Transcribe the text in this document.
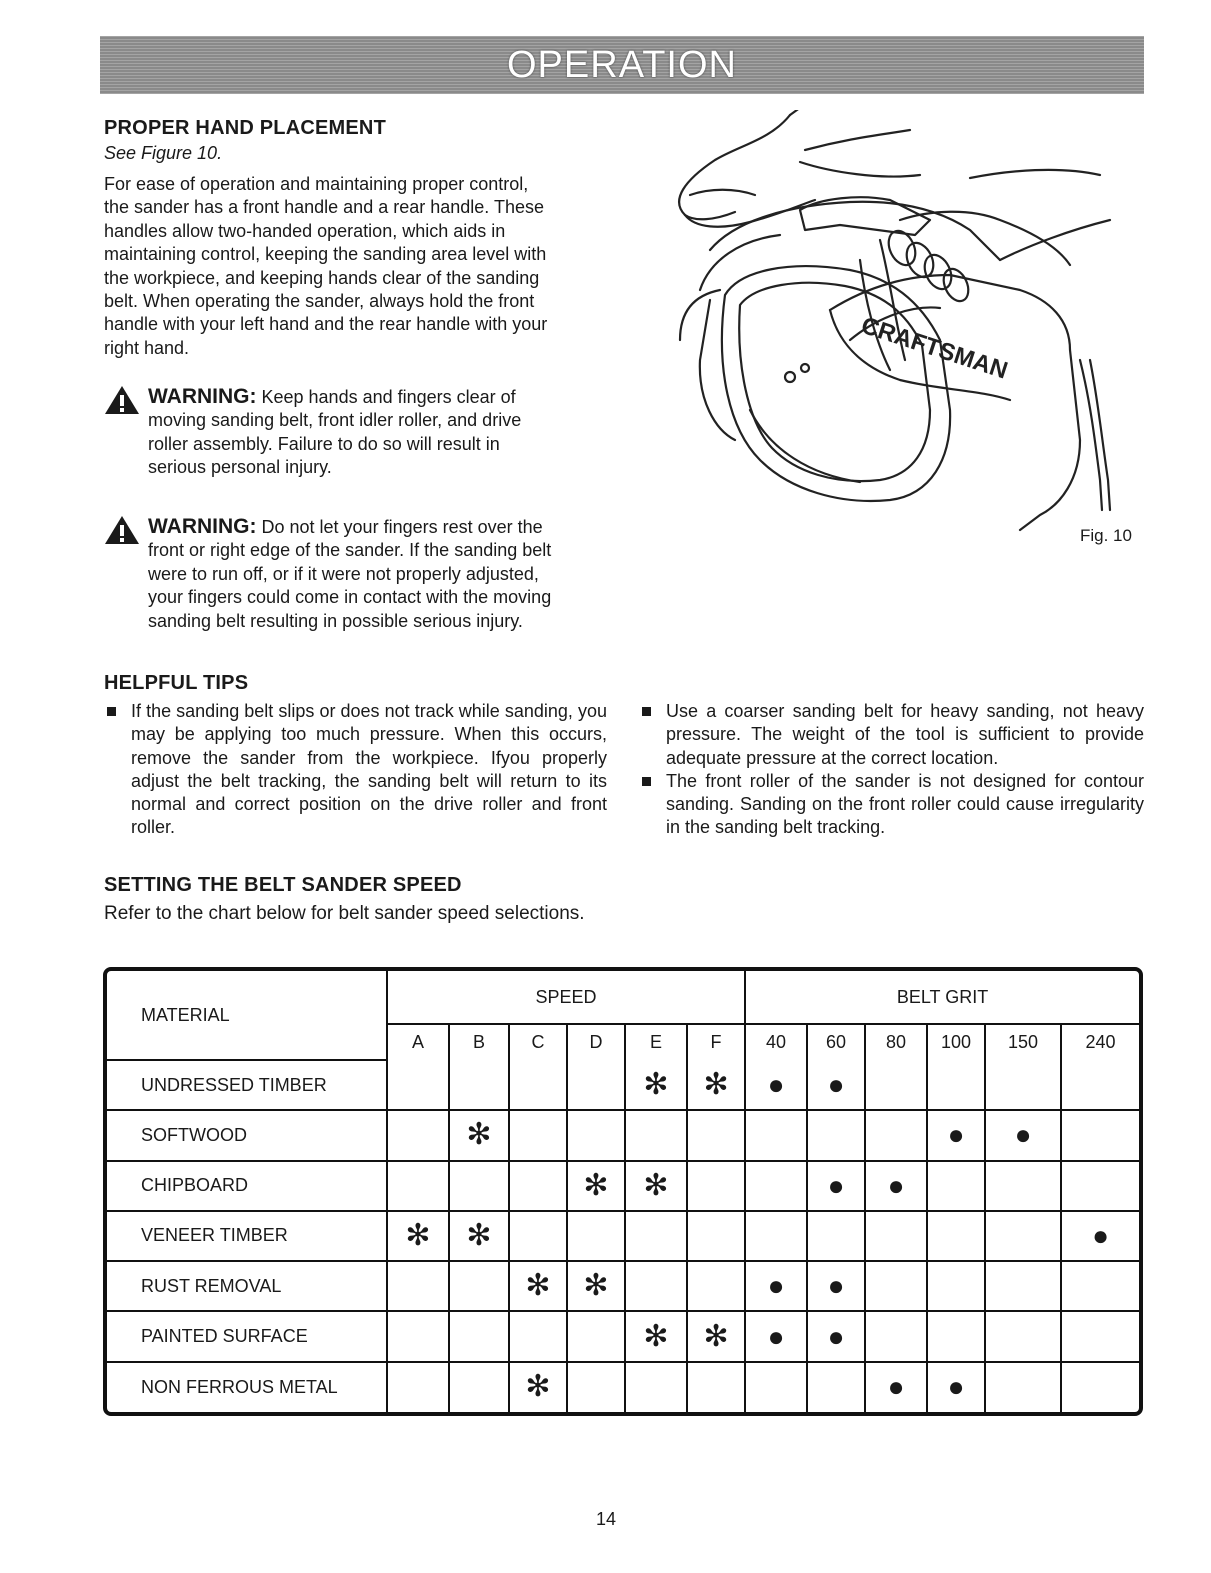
OPERATION
PROPER HAND PLACEMENT
See Figure 10.
For ease of operation and maintaining proper control,
the sander has a front handle and a rear handle. These
handles allow two-handed operation, which aids in
maintaining control, keeping the sanding area level with
the workpiece, and keeping hands clear of the sanding
belt. When operating the sander, always hold the front
handle with your left hand and the rear handle with your
right hand.
WARNING: Keep hands and fingers clear of
moving sanding belt, front idler roller, and drive
roller assembly. Failure to do so will result in
serious personal injury.
WARNING: Do not let your fingers rest over the
front or right edge of the sander. If the sanding belt
were to run off, or if it were not properly adjusted,
your fingers could come in contact with the moving
sanding belt resulting in possible serious injury.
CRAFTSMAN
Fig. 10
HELPFUL TIPS
If the sanding belt slips or does not track while sanding, you may be applying too much pressure. When this occurs, remove the sander from the workpiece. Ifyou properly adjust the belt tracking, the sanding belt will return to its normal and correct position on the drive roller and front roller.
Use a coarser sanding belt for heavy sanding, not heavy pressure. The weight of the tool is sufficient to provide adequate pressure at the correct location.
The front roller of the sander is not designed for contour sanding. Sanding on the front roller could cause irregularity in the sanding belt tracking.
SETTING THE BELT SANDER SPEED
Refer to the chart below for belt sander speed selections.
MATERIAL	SPEED						BELT GRIT					
	A	B	C	D	E	F	40	60	80	100	150	240
UNDRESSED TIMBER					✻	✻	●	●				
SOFTWOOD		✻								●	●	
CHIPBOARD				✻	✻			●	●			
VENEER TIMBER	✻	✻										●
RUST REMOVAL			✻	✻			●	●				
PAINTED SURFACE					✻	✻	●	●				
NON FERROUS METAL			✻						●	●		
14
